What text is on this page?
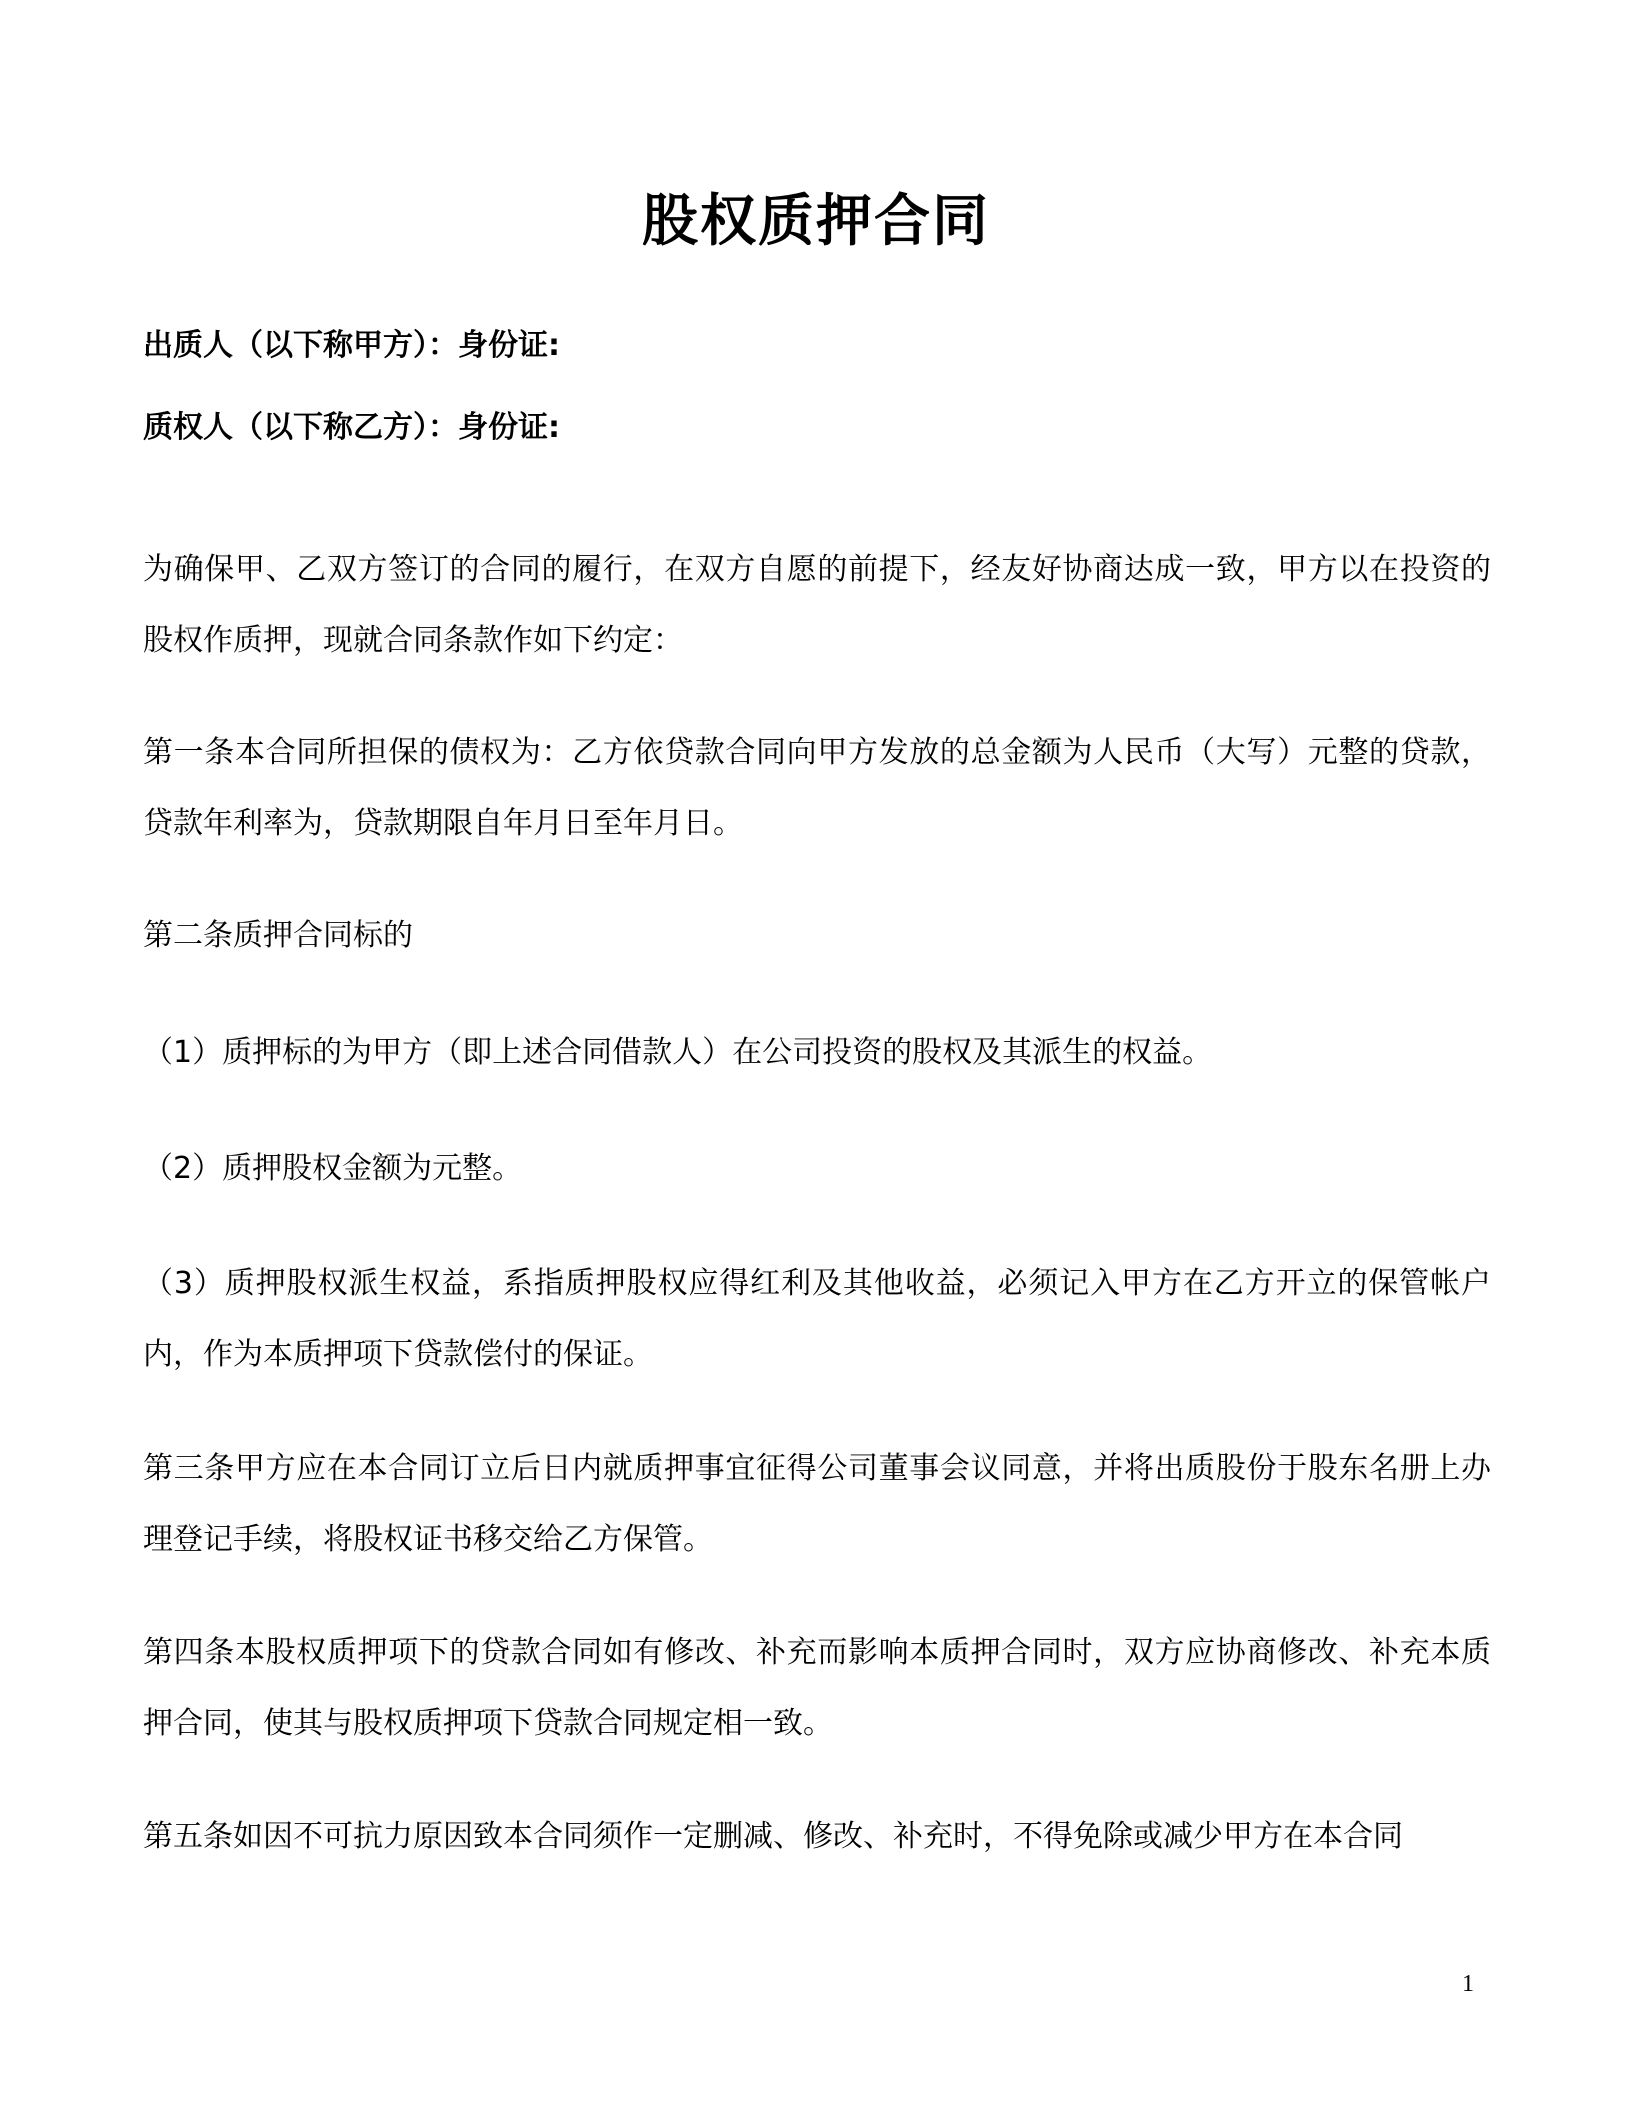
股权质押合同
出质人（以下称甲方）：身份证:
质权人（以下称乙方）：身份证:
为确保甲、乙双方签订的合同的履行，在双方自愿的前提下，经友好协商达成一致，甲方以在投资的股权作质押，现就合同条款作如下约定：
第一条本合同所担保的债权为：乙方依贷款合同向甲方发放的总金额为人民币（大写）元整的贷款，贷款年利率为，贷款期限自年月日至年月日。
第二条质押合同标的
（1）质押标的为甲方（即上述合同借款人）在公司投资的股权及其派生的权益。
（2）质押股权金额为元整。
（3）质押股权派生权益，系指质押股权应得红利及其他收益，必须记入甲方在乙方开立的保管帐户内，作为本质押项下贷款偿付的保证。
第三条甲方应在本合同订立后日内就质押事宜征得公司董事会议同意，并将出质股份于股东名册上办理登记手续，将股权证书移交给乙方保管。
第四条本股权质押项下的贷款合同如有修改、补充而影响本质押合同时，双方应协商修改、补充本质押合同，使其与股权质押项下贷款合同规定相一致。
第五条如因不可抗力原因致本合同须作一定删减、修改、补充时，不得免除或减少甲方在本合同
1
